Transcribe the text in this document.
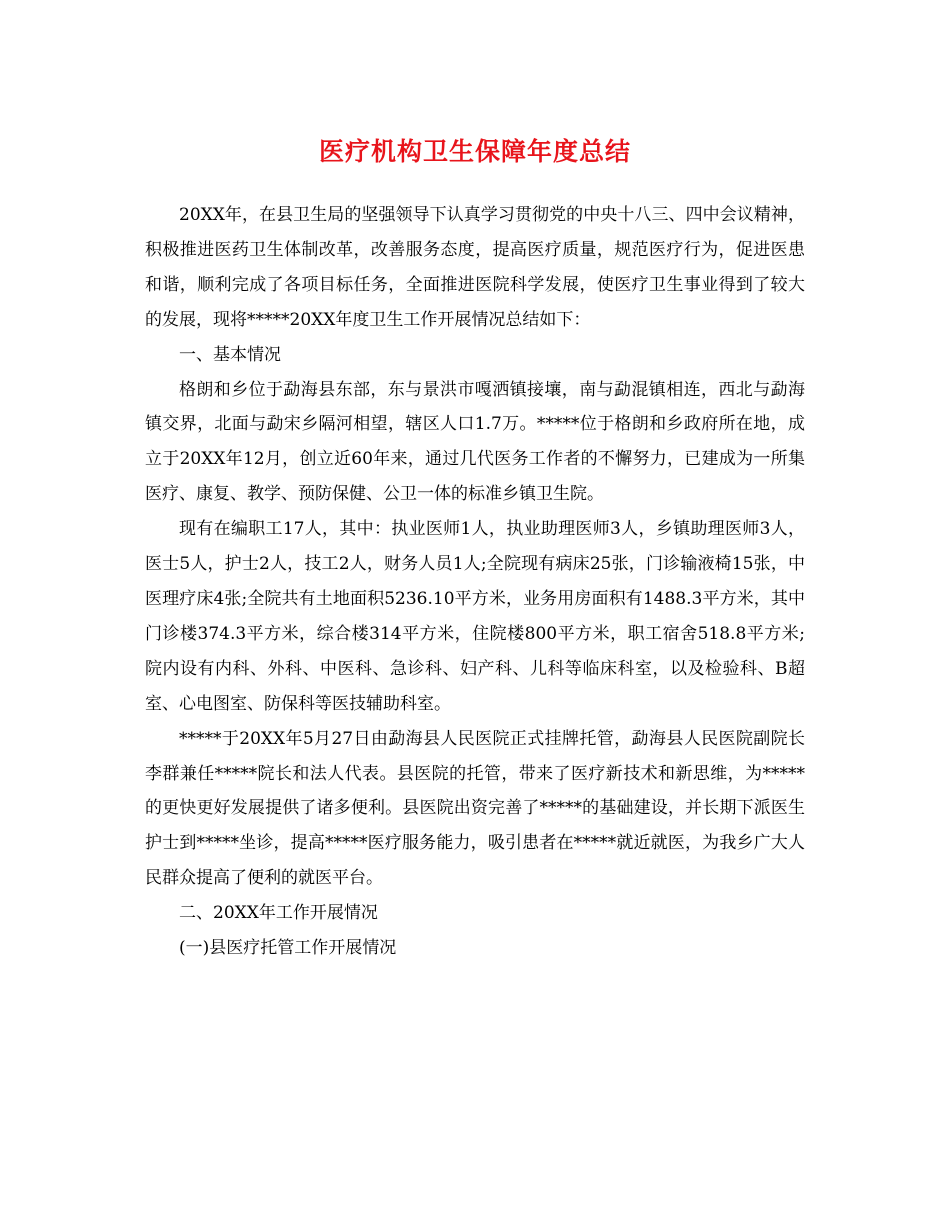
医疗机构卫生保障年度总结

20XX年，在县卫生局的坚强领导下认真学习贯彻党的中央十八三、四中会议精神，积极推进医药卫生体制改革，改善服务态度，提高医疗质量，规范医疗行为，促进医患和谐，顺利完成了各项目标任务，全面推进医院科学发展，使医疗卫生事业得到了较大的发展，现将*****20XX年度卫生工作开展情况总结如下：

一、基本情况

格朗和乡位于勐海县东部，东与景洪市嘎洒镇接壤，南与勐混镇相连，西北与勐海镇交界，北面与勐宋乡隔河相望，辖区人口1.7万。*****位于格朗和乡政府所在地，成立于20XX年12月，创立近60年来，通过几代医务工作者的不懈努力，已建成为一所集医疗、康复、教学、预防保健、公卫一体的标准乡镇卫生院。

现有在编职工17人，其中：执业医师1人，执业助理医师3人，乡镇助理医师3人，医士5人，护士2人，技工2人，财务人员1人;全院现有病床25张，门诊输液椅15张，中医理疗床4张;全院共有土地面积5236.10平方米，业务用房面积有1488.3平方米，其中门诊楼374.3平方米，综合楼314平方米，住院楼800平方米，职工宿舍518.8平方米;院内设有内科、外科、中医科、急诊科、妇产科、儿科等临床科室，以及检验科、B超室、心电图室、防保科等医技辅助科室。

*****于20XX年5月27日由勐海县人民医院正式挂牌托管，勐海县人民医院副院长李群兼任*****院长和法人代表。县医院的托管，带来了医疗新技术和新思维，为*****的更快更好发展提供了诸多便利。县医院出资完善了*****的基础建设，并长期下派医生护士到*****坐诊，提高*****医疗服务能力，吸引患者在*****就近就医，为我乡广大人民群众提高了便利的就医平台。

二、20XX年工作开展情况

(一)县医疗托管工作开展情况
